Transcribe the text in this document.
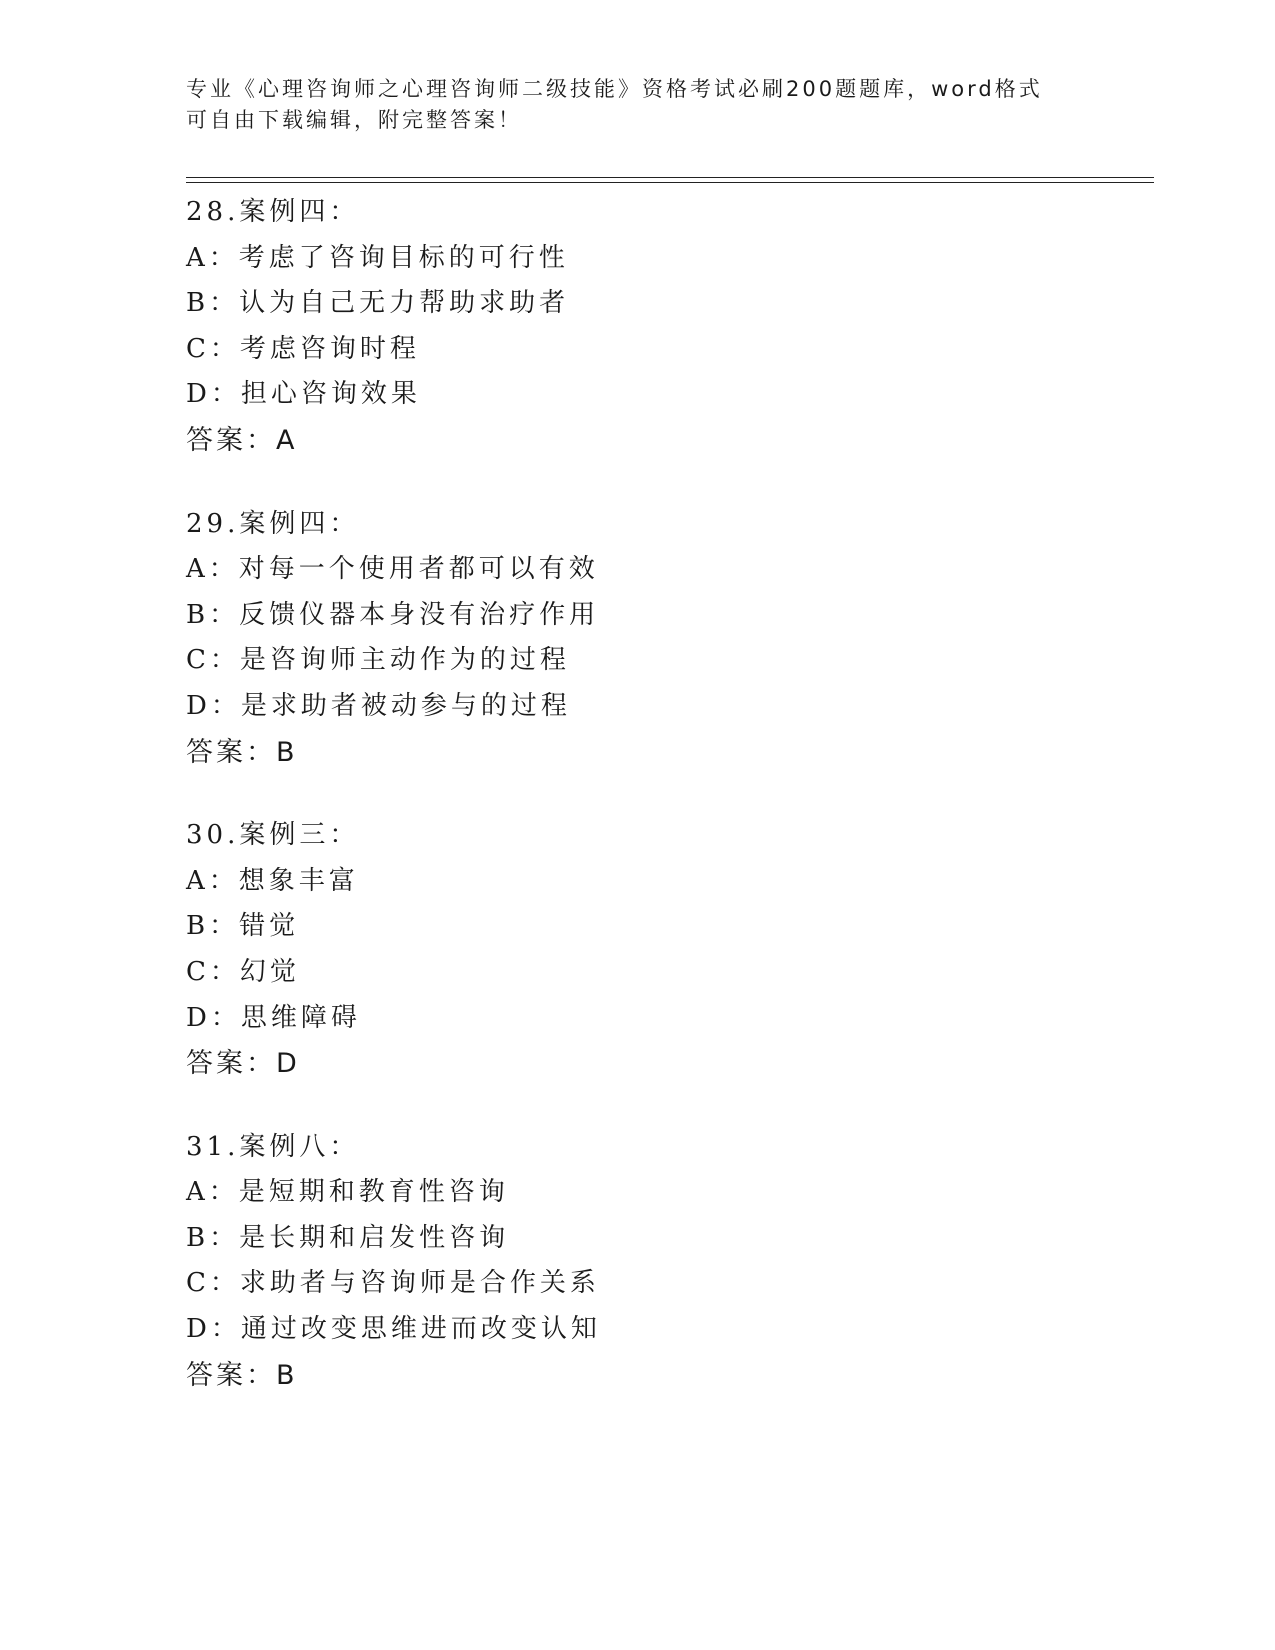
专业《心理咨询师之心理咨询师二级技能》资格考试必刷200题题库，word格式
可自由下载编辑，附完整答案！
28.案例四：
A：考虑了咨询目标的可行性
B：认为自己无力帮助求助者
C：考虑咨询时程
D：担心咨询效果
答案：A
29.案例四：
A：对每一个使用者都可以有效
B：反馈仪器本身没有治疗作用
C：是咨询师主动作为的过程
D：是求助者被动参与的过程
答案：B
30.案例三：
A：想象丰富
B：错觉
C：幻觉
D：思维障碍
答案：D
31.案例八：
A：是短期和教育性咨询
B：是长期和启发性咨询
C：求助者与咨询师是合作关系
D：通过改变思维进而改变认知
答案：B
